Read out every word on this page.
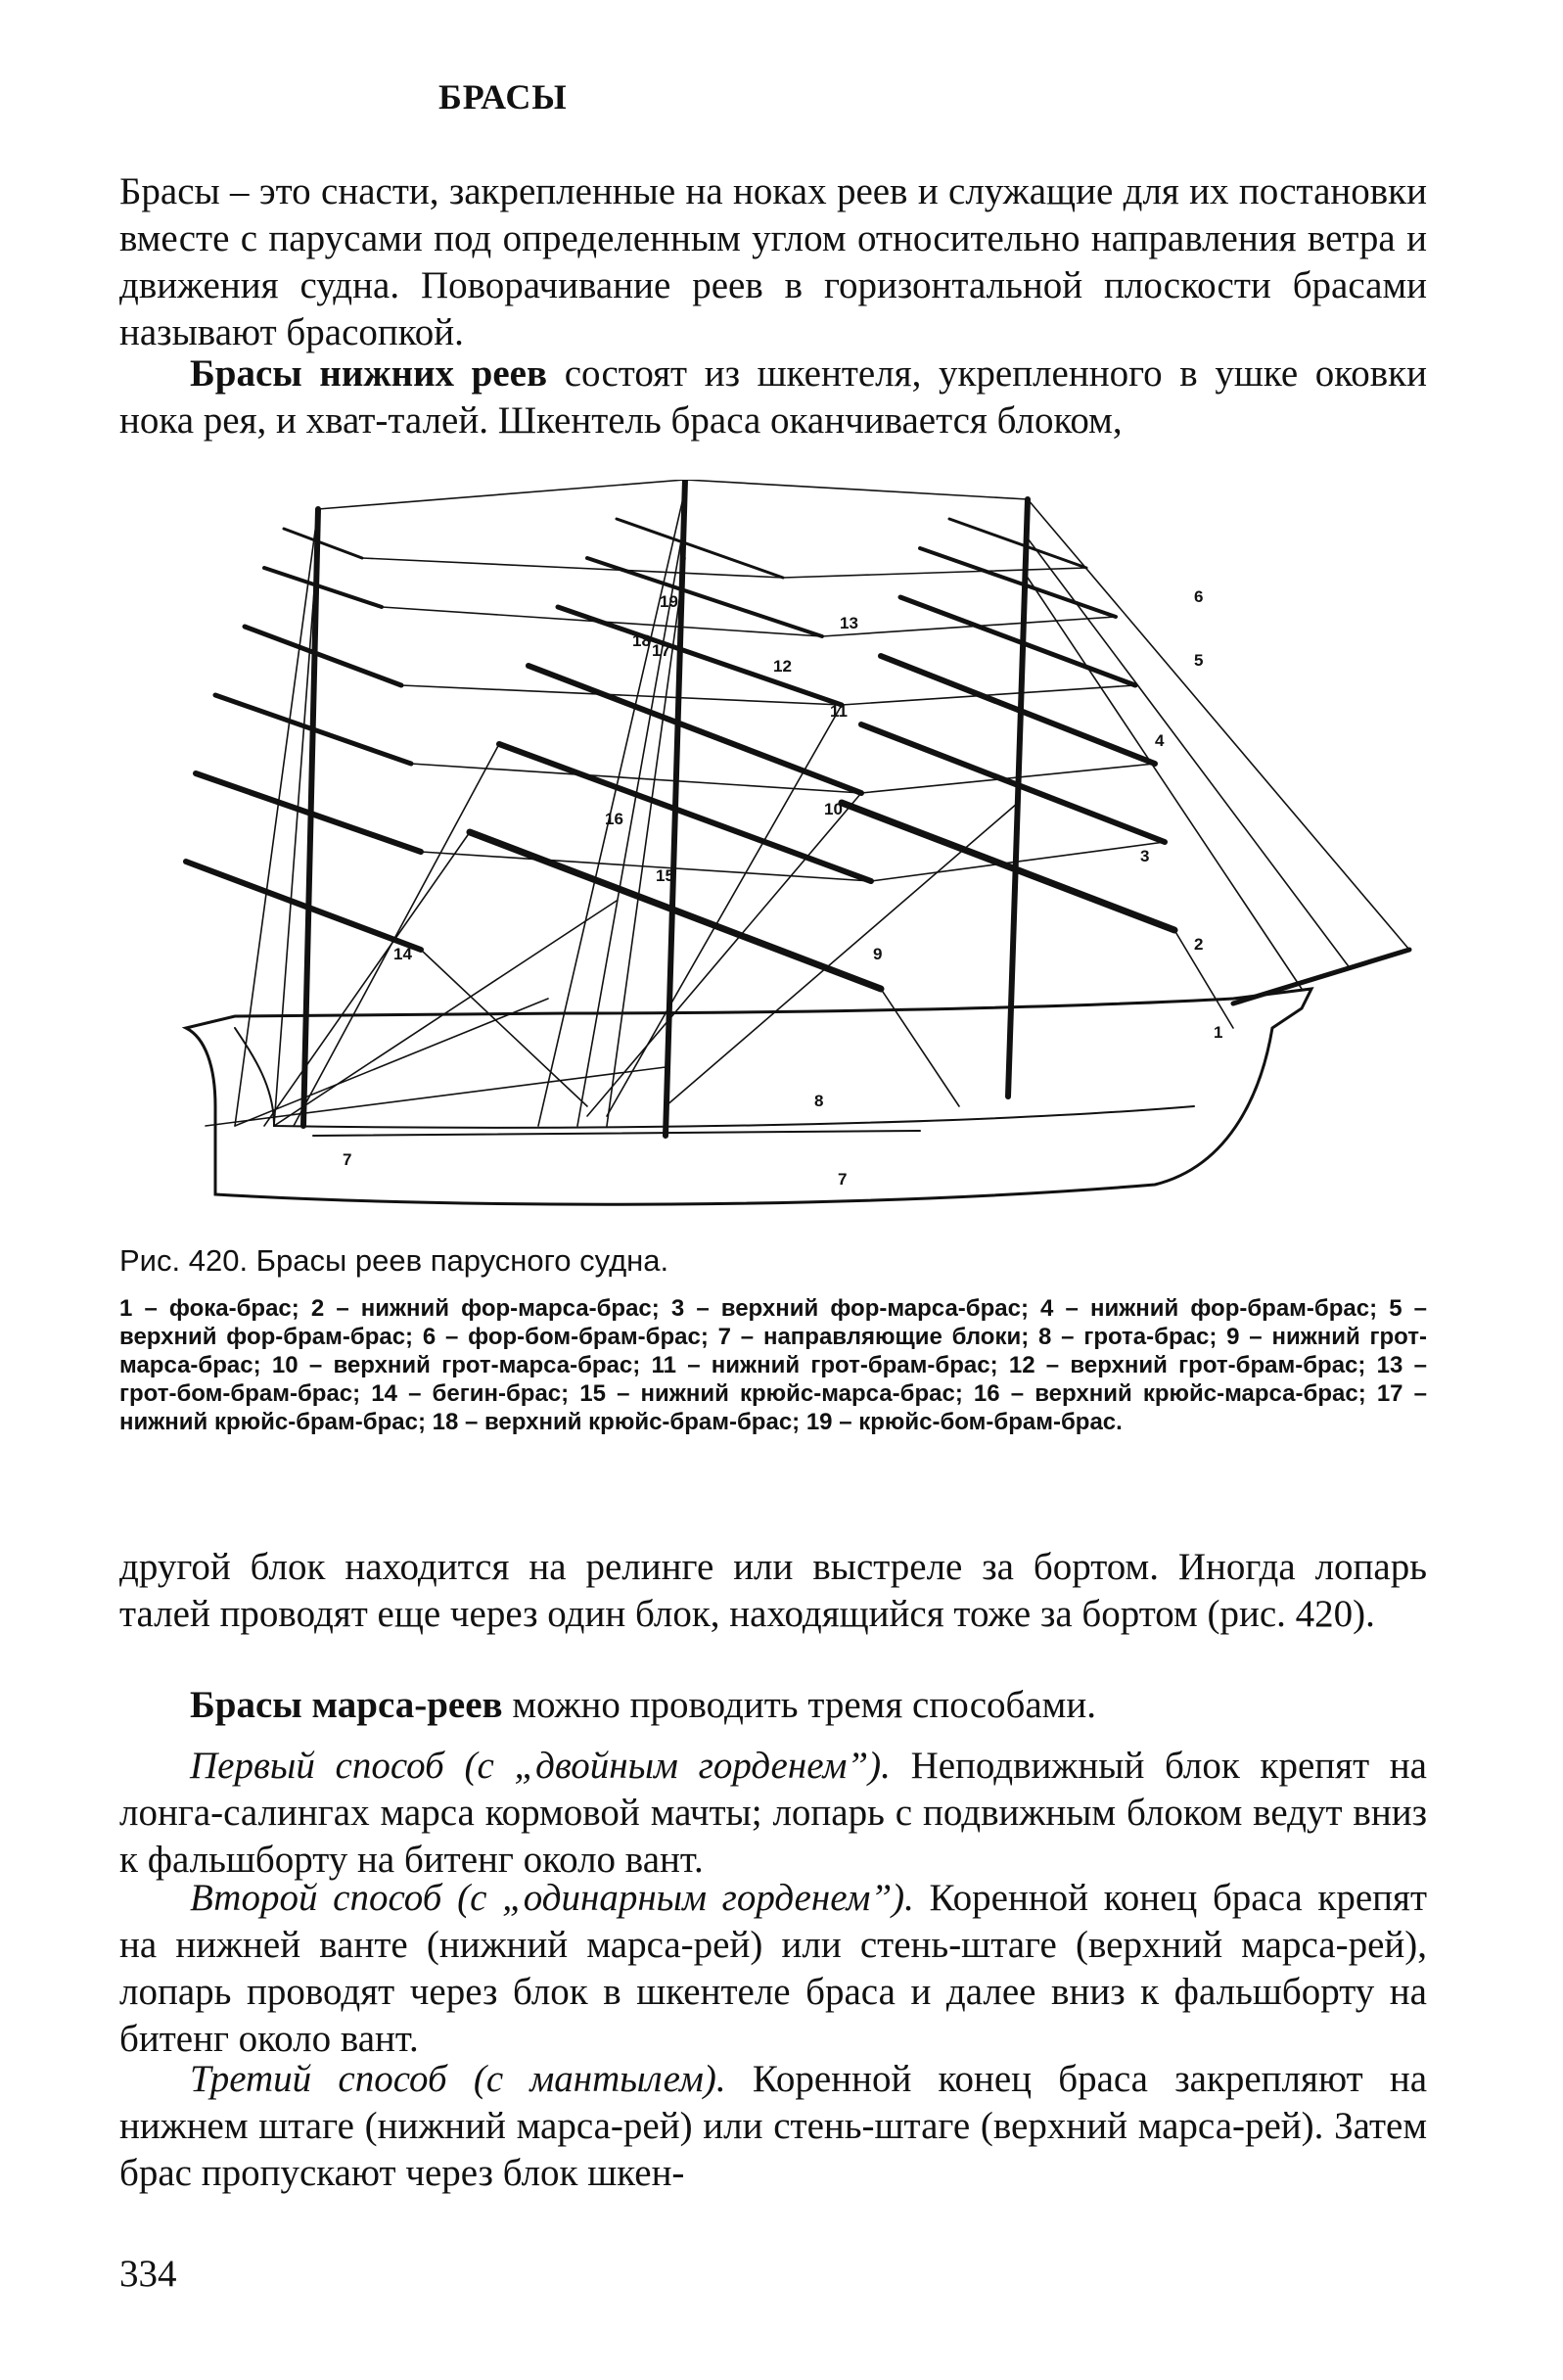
БРАСЫ

Брасы – это снасти, закрепленные на ноках реев и служащие для их постановки вместе с парусами под определенным углом относительно направления ветра и движения судна. Поворачивание реев в горизонтальной плоскости брасами называют брасопкой.

Брасы нижних реев состоят из шкентеля, укрепленного в ушке оковки нока рея, и хват-талей. Шкентель браса оканчивается блоком,

1
2
3
4
5
6
7
7
8
9
10
11
12
13
14
15
16
17
18
19
Рис. 420. Брасы реев парусного судна.

1 – фока-брас; 2 – нижний фор-марса-брас; 3 – верхний фор-марса-брас; 4 – нижний фор-брам-брас; 5 – верхний фор-брам-брас; 6 – фор-бом-брам-брас; 7 – направляющие блоки; 8 – грота-брас; 9 – нижний грот-марса-брас; 10 – верхний грот-марса-брас; 11 – нижний грот-брам-брас; 12 – верхний грот-брам-брас; 13 – грот-бом-брам-брас; 14 – бегин-брас; 15 – нижний крюйс-марса-брас; 16 – верхний крюйс-марса-брас; 17 – нижний крюйс-брам-брас; 18 – верхний крюйс-брам-брас; 19 – крюйс-бом-брам-брас.

другой блок находится на релинге или выстреле за бортом. Иногда лопарь талей проводят еще через один блок, находящийся тоже за бортом (рис. 420).

Брасы марса-реев можно проводить тремя способами.

Первый способ (с „двойным горденем”). Неподвижный блок крепят на лонга-салингах марса кормовой мачты; лопарь с подвижным блоком ведут вниз к фальшборту на битенг около вант.

Второй способ (с „одинарным горденем”). Коренной конец браса крепят на нижней ванте (нижний марса-рей) или стень-штаге (верхний марса-рей), лопарь проводят через блок в шкентеле браса и далее вниз к фальшборту на битенг около вант.

Третий способ (с мантылем). Коренной конец браса закрепляют на нижнем штаге (нижний марса-рей) или стень-штаге (верхний марса-рей). Затем брас пропускают через блок шкен-

334
